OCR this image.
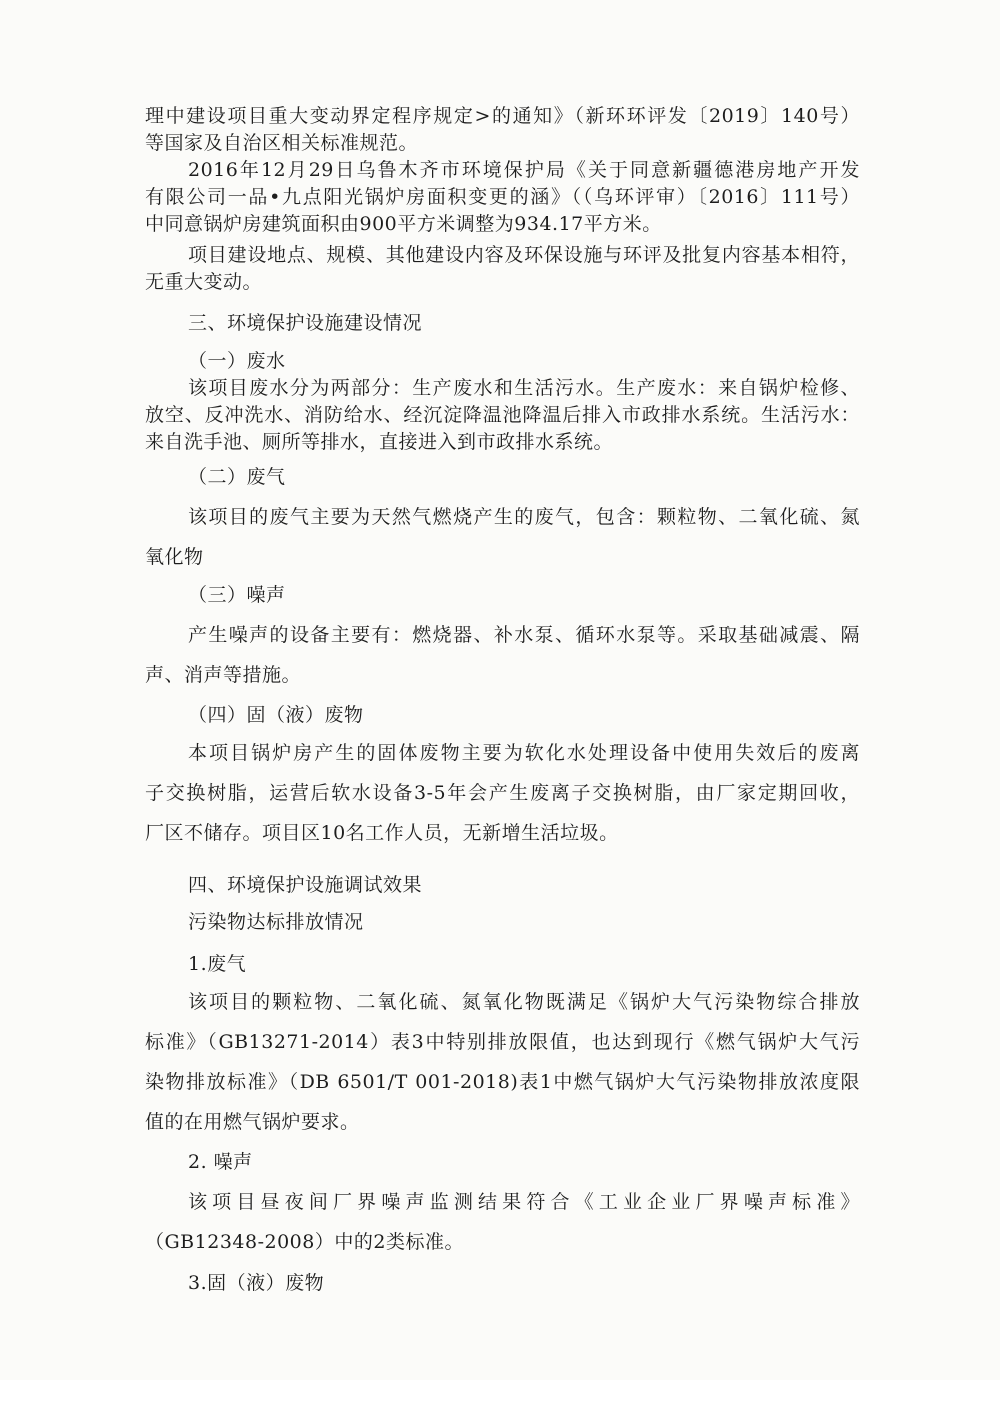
理中建设项目重大变动界定程序规定>的通知》（新环环评发〔2019〕140号）
等国家及自治区相关标准规范。
2016年12月29日乌鲁木齐市环境保护局《关于同意新疆德港房地产开发
有限公司一品•九点阳光锅炉房面积变更的涵》（（乌环评审）〔2016〕111号）
中同意锅炉房建筑面积由900平方米调整为934.17平方米。
项目建设地点、规模、其他建设内容及环保设施与环评及批复内容基本相符，
无重大变动。
三、环境保护设施建设情况
（一）废水
该项目废水分为两部分：生产废水和生活污水。生产废水：来自锅炉检修、
放空、反冲洗水、消防给水、经沉淀降温池降温后排入市政排水系统。生活污水：
来自洗手池、厕所等排水，直接进入到市政排水系统。
（二）废气
该项目的废气主要为天然气燃烧产生的废气，包含：颗粒物、二氧化硫、氮
氧化物
（三）噪声
产生噪声的设备主要有：燃烧器、补水泵、循环水泵等。采取基础减震、隔
声、消声等措施。
（四）固（液）废物
本项目锅炉房产生的固体废物主要为软化水处理设备中使用失效后的废离
子交换树脂，运营后软水设备3-5年会产生废离子交换树脂，由厂家定期回收，
厂区不储存。项目区10名工作人员，无新增生活垃圾。
四、环境保护设施调试效果
污染物达标排放情况
1.废气
该项目的颗粒物、二氧化硫、氮氧化物既满足《锅炉大气污染物综合排放
标准》（GB13271-2014）表3中特别排放限值，也达到现行《燃气锅炉大气污
染物排放标准》（DB 6501/T 001-2018)表1中燃气锅炉大气污染物排放浓度限
值的在用燃气锅炉要求。
2. 噪声
该项目昼夜间厂界噪声监测结果符合《工业企业厂界噪声标准》
（GB12348-2008）中的2类标准。
3.固（液）废物
